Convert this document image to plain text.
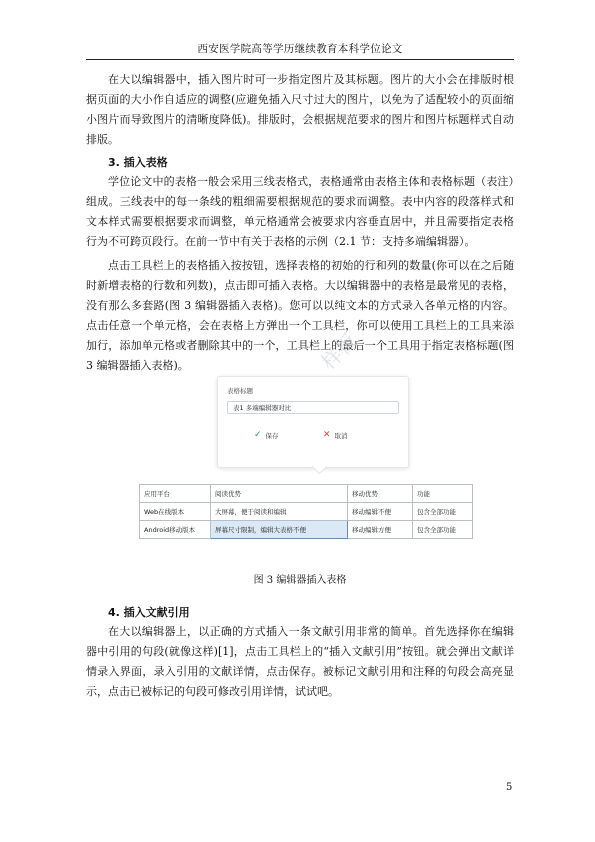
西安医学院高等学历继续教育本科学位论文

在大以编辑器中，插入图片时可一步指定图片及其标题。图片的大小会在排版时根据页面的大小作自适应的调整(应避免插入尺寸过大的图片，以免为了适配较小的页面缩小图片而导致图片的清晰度降低)。排版时，会根据规范要求的图片和图片标题样式自动排版。

3. 插入表格

学位论文中的表格一般会采用三线表格式，表格通常由表格主体和表格标题（表注）组成。三线表中的每一条线的粗细需要根据规范的要求而调整。表中内容的段落样式和文本样式需要根据要求而调整，单元格通常会被要求内容垂直居中，并且需要指定表格行为不可跨页段行。在前一节中有关于表格的示例（2.1 节：支持多端编辑器）。

点击工具栏上的表格插入按按钮，选择表格的初始的行和列的数量(你可以在之后随时新增表格的行数和列数)，点击即可插入表格。大以编辑器中的表格是最常见的表格，没有那么多套路(图 3 编辑器插入表格)。您可以以纯文本的方式录入各单元格的内容。点击任意一个单元格，会在表格上方弹出一个工具栏，你可以使用工具栏上的工具来添加行，添加单元格或者删除其中的一个，工具栏上的最后一个工具用于指定表格标题(图 3 编辑器插入表格)。	样板
表格标题
表1 多端编辑器对比
✓ 保存	✕ 取消
应用平台	阅读优势	移动优势	功能
Web在线版本	大屏幕，便于阅读和编辑	移动编辑不便	包含全部功能
Android移动版本	屏幕尺寸限制，编辑大表格不便	移动编辑方便	包含全部功能
图 3 编辑器插入表格
4. 插入文献引用

在大以编辑器上，以正确的方式插入一条文献引用非常的简单。首先选择你在编辑器中引用的句段(就像这样)[1]，点击工具栏上的“插入文献引用”按钮。就会弹出文献详情录入界面，录入引用的文献详情，点击保存。被标记文献引用和注释的句段会高亮显示，点击已被标记的句段可修改引用详情，试试吧。

5
